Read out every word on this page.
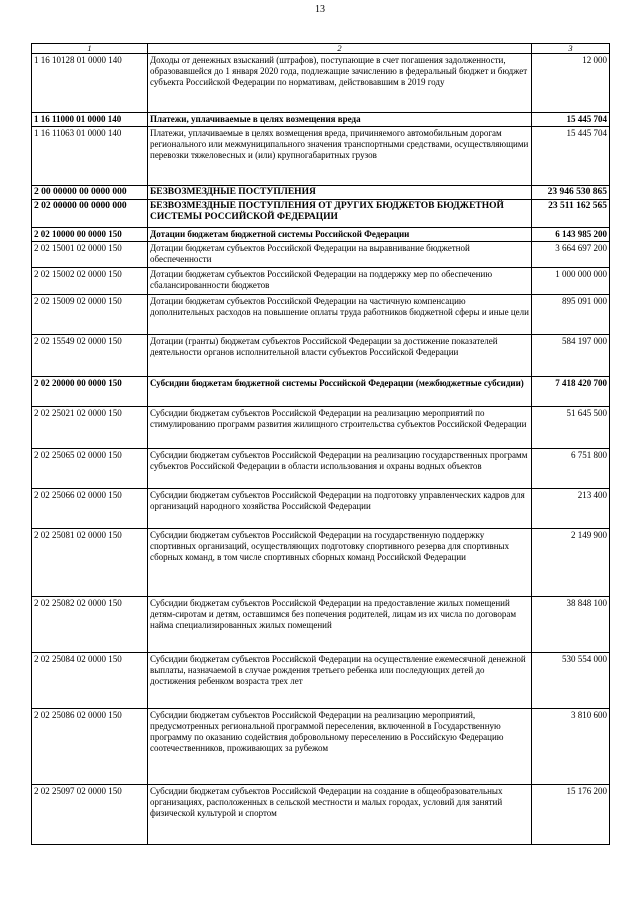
13
1	2	3
1 16 10128 01 0000 140	Доходы от денежных взысканий (штрафов), поступающие в счет погашения задолженности, образовавшейся до 1 января 2020 года, подлежащие зачислению в федеральный бюджет и бюджет субъекта Российской Федерации по нормативам, действовавшим в 2019 году	12 000
1 16 11000 01 0000 140	Платежи, уплачиваемые в целях возмещения вреда	15 445 704
1 16 11063 01 0000 140	Платежи, уплачиваемые в целях возмещения вреда, причиняемого автомобильным дорогам регионального или межмуниципального значения транспортными средствами, осуществляющими перевозки тяжеловесных и (или) крупногабаритных грузов	15 445 704
2 00 00000 00 0000 000	БЕЗВОЗМЕЗДНЫЕ ПОСТУПЛЕНИЯ	23 946 530 865
2 02 00000 00 0000 000	БЕЗВОЗМЕЗДНЫЕ ПОСТУПЛЕНИЯ ОТ ДРУГИХ БЮДЖЕТОВ БЮДЖЕТНОЙ СИСТЕМЫ РОССИЙСКОЙ ФЕДЕРАЦИИ	23 511 162 565
2 02 10000 00 0000 150	Дотации бюджетам бюджетной системы Российской Федерации	6 143 985 200
2 02 15001 02 0000 150	Дотации бюджетам субъектов Российской Федерации на выравнивание бюджетной обеспеченности	3 664 697 200
2 02 15002 02 0000 150	Дотации бюджетам субъектов Российской Федерации на поддержку мер по обеспечению сбалансированности бюджетов	1 000 000 000
2 02 15009 02 0000 150	Дотации бюджетам субъектов Российской Федерации на частичную компенсацию дополнительных расходов на повышение оплаты труда работников бюджетной сферы и иные цели	895 091 000
2 02 15549 02 0000 150	Дотации (гранты) бюджетам субъектов Российской Федерации за достижение показателей деятельности органов исполнительной власти субъектов Российской Федерации	584 197 000
2 02 20000 00 0000 150	Субсидии бюджетам бюджетной системы Российской Федерации (межбюджетные субсидии)	7 418 420 700
2 02 25021 02 0000 150	Субсидии бюджетам субъектов Российской Федерации на реализацию мероприятий по стимулированию программ развития жилищного строительства субъектов Российской Федерации	51 645 500
2 02 25065 02 0000 150	Субсидии бюджетам субъектов Российской Федерации на реализацию государственных программ субъектов Российской Федерации в области использования и охраны водных объектов	6 751 800
2 02 25066 02 0000 150	Субсидии бюджетам субъектов Российской Федерации на подготовку управленческих кадров для организаций народного хозяйства Российской Федерации	213 400
2 02 25081 02 0000 150	Субсидии бюджетам субъектов Российской Федерации на государственную поддержку спортивных организаций, осуществляющих подготовку спортивного резерва для спортивных сборных команд, в том числе спортивных сборных команд Российской Федерации	2 149 900
2 02 25082 02 0000 150	Субсидии бюджетам субъектов Российской Федерации на предоставление жилых помещений детям-сиротам и детям, оставшимся без попечения родителей, лицам из их числа по договорам найма специализированных жилых помещений	38 848 100
2 02 25084 02 0000 150	Субсидии бюджетам субъектов Российской Федерации на осуществление ежемесячной денежной выплаты, назначаемой в случае рождения третьего ребенка или последующих детей до достижения ребенком возраста трех лет	530 554 000
2 02 25086 02 0000 150	Субсидии бюджетам субъектов Российской Федерации на реализацию мероприятий, предусмотренных региональной программой переселения, включенной в Государственную программу по оказанию содействия добровольному переселению в Российскую Федерацию соотечественников, проживающих за рубежом	3 810 600
2 02 25097 02 0000 150	Субсидии бюджетам субъектов Российской Федерации на создание в общеобразовательных организациях, расположенных в сельской местности и малых городах, условий для занятий физической культурой и спортом	15 176 200
